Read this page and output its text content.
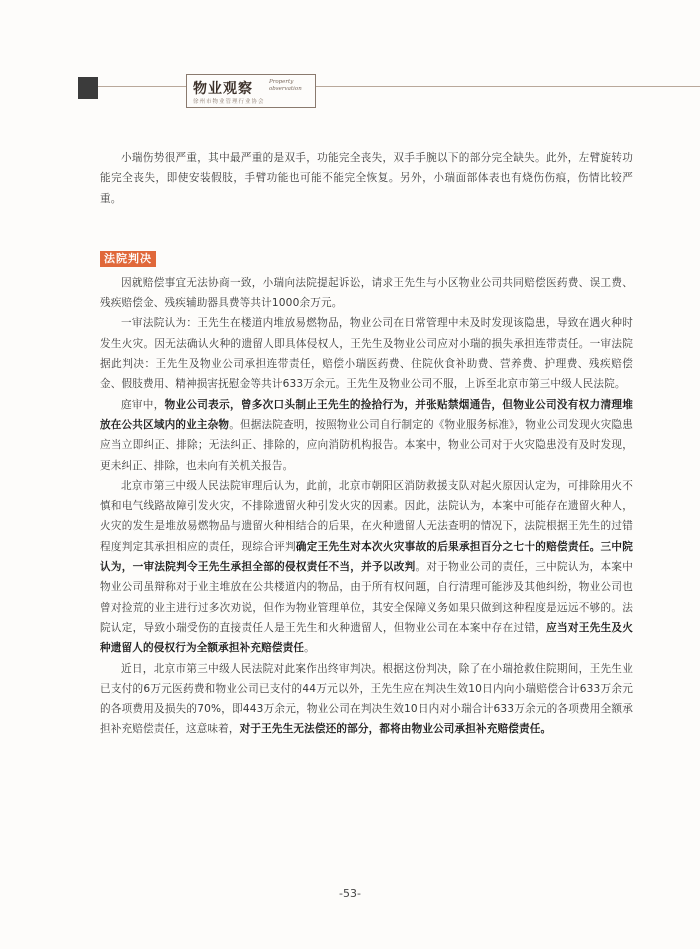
物业观察	Property observation
徐州市物业管理行业协会

小瑞伤势很严重，其中最严重的是双手，功能完全丧失，双手手腕以下的部分完全缺失。此外，左臂旋转功能完全丧失，即使安装假肢，手臂功能也可能不能完全恢复。另外，小瑞面部体表也有烧伤伤痕，伤情比较严重。

法院判决

因就赔偿事宜无法协商一致，小瑞向法院提起诉讼，请求王先生与小区物业公司共同赔偿医药费、误工费、残疾赔偿金、残疾辅助器具费等共计1000余万元。

一审法院认为：王先生在楼道内堆放易燃物品，物业公司在日常管理中未及时发现该隐患，导致在遇火种时发生火灾。因无法确认火种的遗留人即具体侵权人，王先生及物业公司应对小瑞的损失承担连带责任。一审法院据此判决：王先生及物业公司承担连带责任，赔偿小瑞医药费、住院伙食补助费、营养费、护理费、残疾赔偿金、假肢费用、精神损害抚慰金等共计633万余元。王先生及物业公司不服，上诉至北京市第三中级人民法院。

庭审中，物业公司表示，曾多次口头制止王先生的捡拾行为，并张贴禁烟通告，但物业公司没有权力清理堆放在公共区域内的业主杂物。但据法院查明，按照物业公司自行制定的《物业服务标准》，物业公司发现火灾隐患应当立即纠正、排除；无法纠正、排除的，应向消防机构报告。本案中，物业公司对于火灾隐患没有及时发现，更未纠正、排除，也未向有关机关报告。

北京市第三中级人民法院审理后认为，此前，北京市朝阳区消防救援支队对起火原因认定为，可排除用火不慎和电气线路故障引发火灾，不排除遗留火种引发火灾的因素。因此，法院认为，本案中可能存在遗留火种人，火灾的发生是堆放易燃物品与遗留火种相结合的后果，在火种遗留人无法查明的情况下，法院根据王先生的过错程度判定其承担相应的责任，现综合评判确定王先生对本次火灾事故的后果承担百分之七十的赔偿责任。三中院认为，一审法院判令王先生承担全部的侵权责任不当，并予以改判。对于物业公司的责任，三中院认为，本案中物业公司虽辩称对于业主堆放在公共楼道内的物品，由于所有权问题，自行清理可能涉及其他纠纷，物业公司也曾对捡荒的业主进行过多次劝说，但作为物业管理单位，其安全保障义务如果只做到这种程度是远远不够的。法院认定，导致小瑞受伤的直接责任人是王先生和火种遗留人，但物业公司在本案中存在过错，应当对王先生及火种遗留人的侵权行为全额承担补充赔偿责任。

近日，北京市第三中级人民法院对此案作出终审判决。根据这份判决，除了在小瑞抢救住院期间，王先生业已支付的6万元医药费和物业公司已支付的44万元以外，王先生应在判决生效10日内向小瑞赔偿合计633万余元的各项费用及损失的70%，即443万余元，物业公司在判决生效10日内对小瑞合计633万余元的各项费用全额承担补充赔偿责任，这意味着，对于王先生无法偿还的部分，都将由物业公司承担补充赔偿责任。

-53-
